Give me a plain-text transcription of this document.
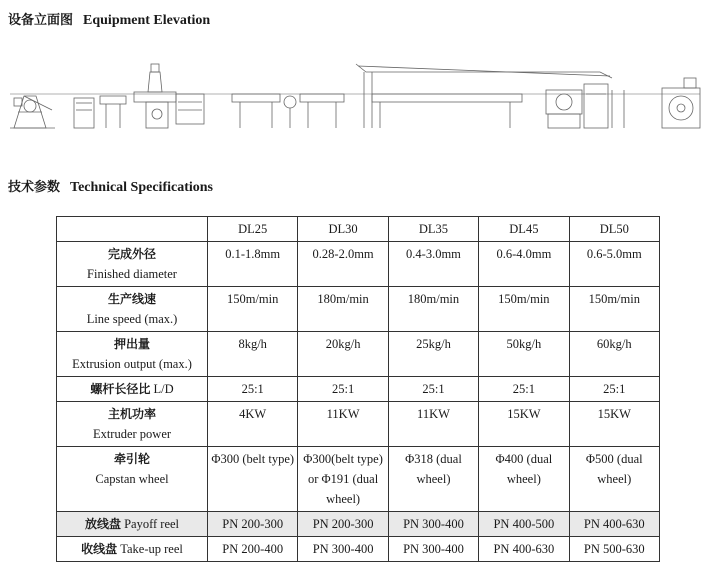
设备立面图 Equipment Elevation
技术参数 Technical Specifications
	DL25	DL30	DL35	DL45	DL50
完成外径
Finished diameter	0.1-1.8mm	0.28-2.0mm	0.4-3.0mm	0.6-4.0mm	0.6-5.0mm
生产线速
Line speed (max.)	150m/min	180m/min	180m/min	150m/min	150m/min
押出量
Extrusion output (max.)	8kg/h	20kg/h	25kg/h	50kg/h	60kg/h
螺杆长径比 L/D	25:1	25:1	25:1	25:1	25:1
主机功率
Extruder power	4KW	11KW	11KW	15KW	15KW
牵引轮
Capstan wheel	Φ300 (belt type)	Φ300(belt type) or Φ191 (dual wheel)	Φ318 (dual wheel)	Φ400 (dual wheel)	Φ500 (dual wheel)
放线盘 Payoff reel	PN 200-300	PN 200-300	PN 300-400	PN 400-500	PN 400-630
收线盘 Take-up reel	PN 200-400	PN 300-400	PN 300-400	PN 400-630	PN 500-630
